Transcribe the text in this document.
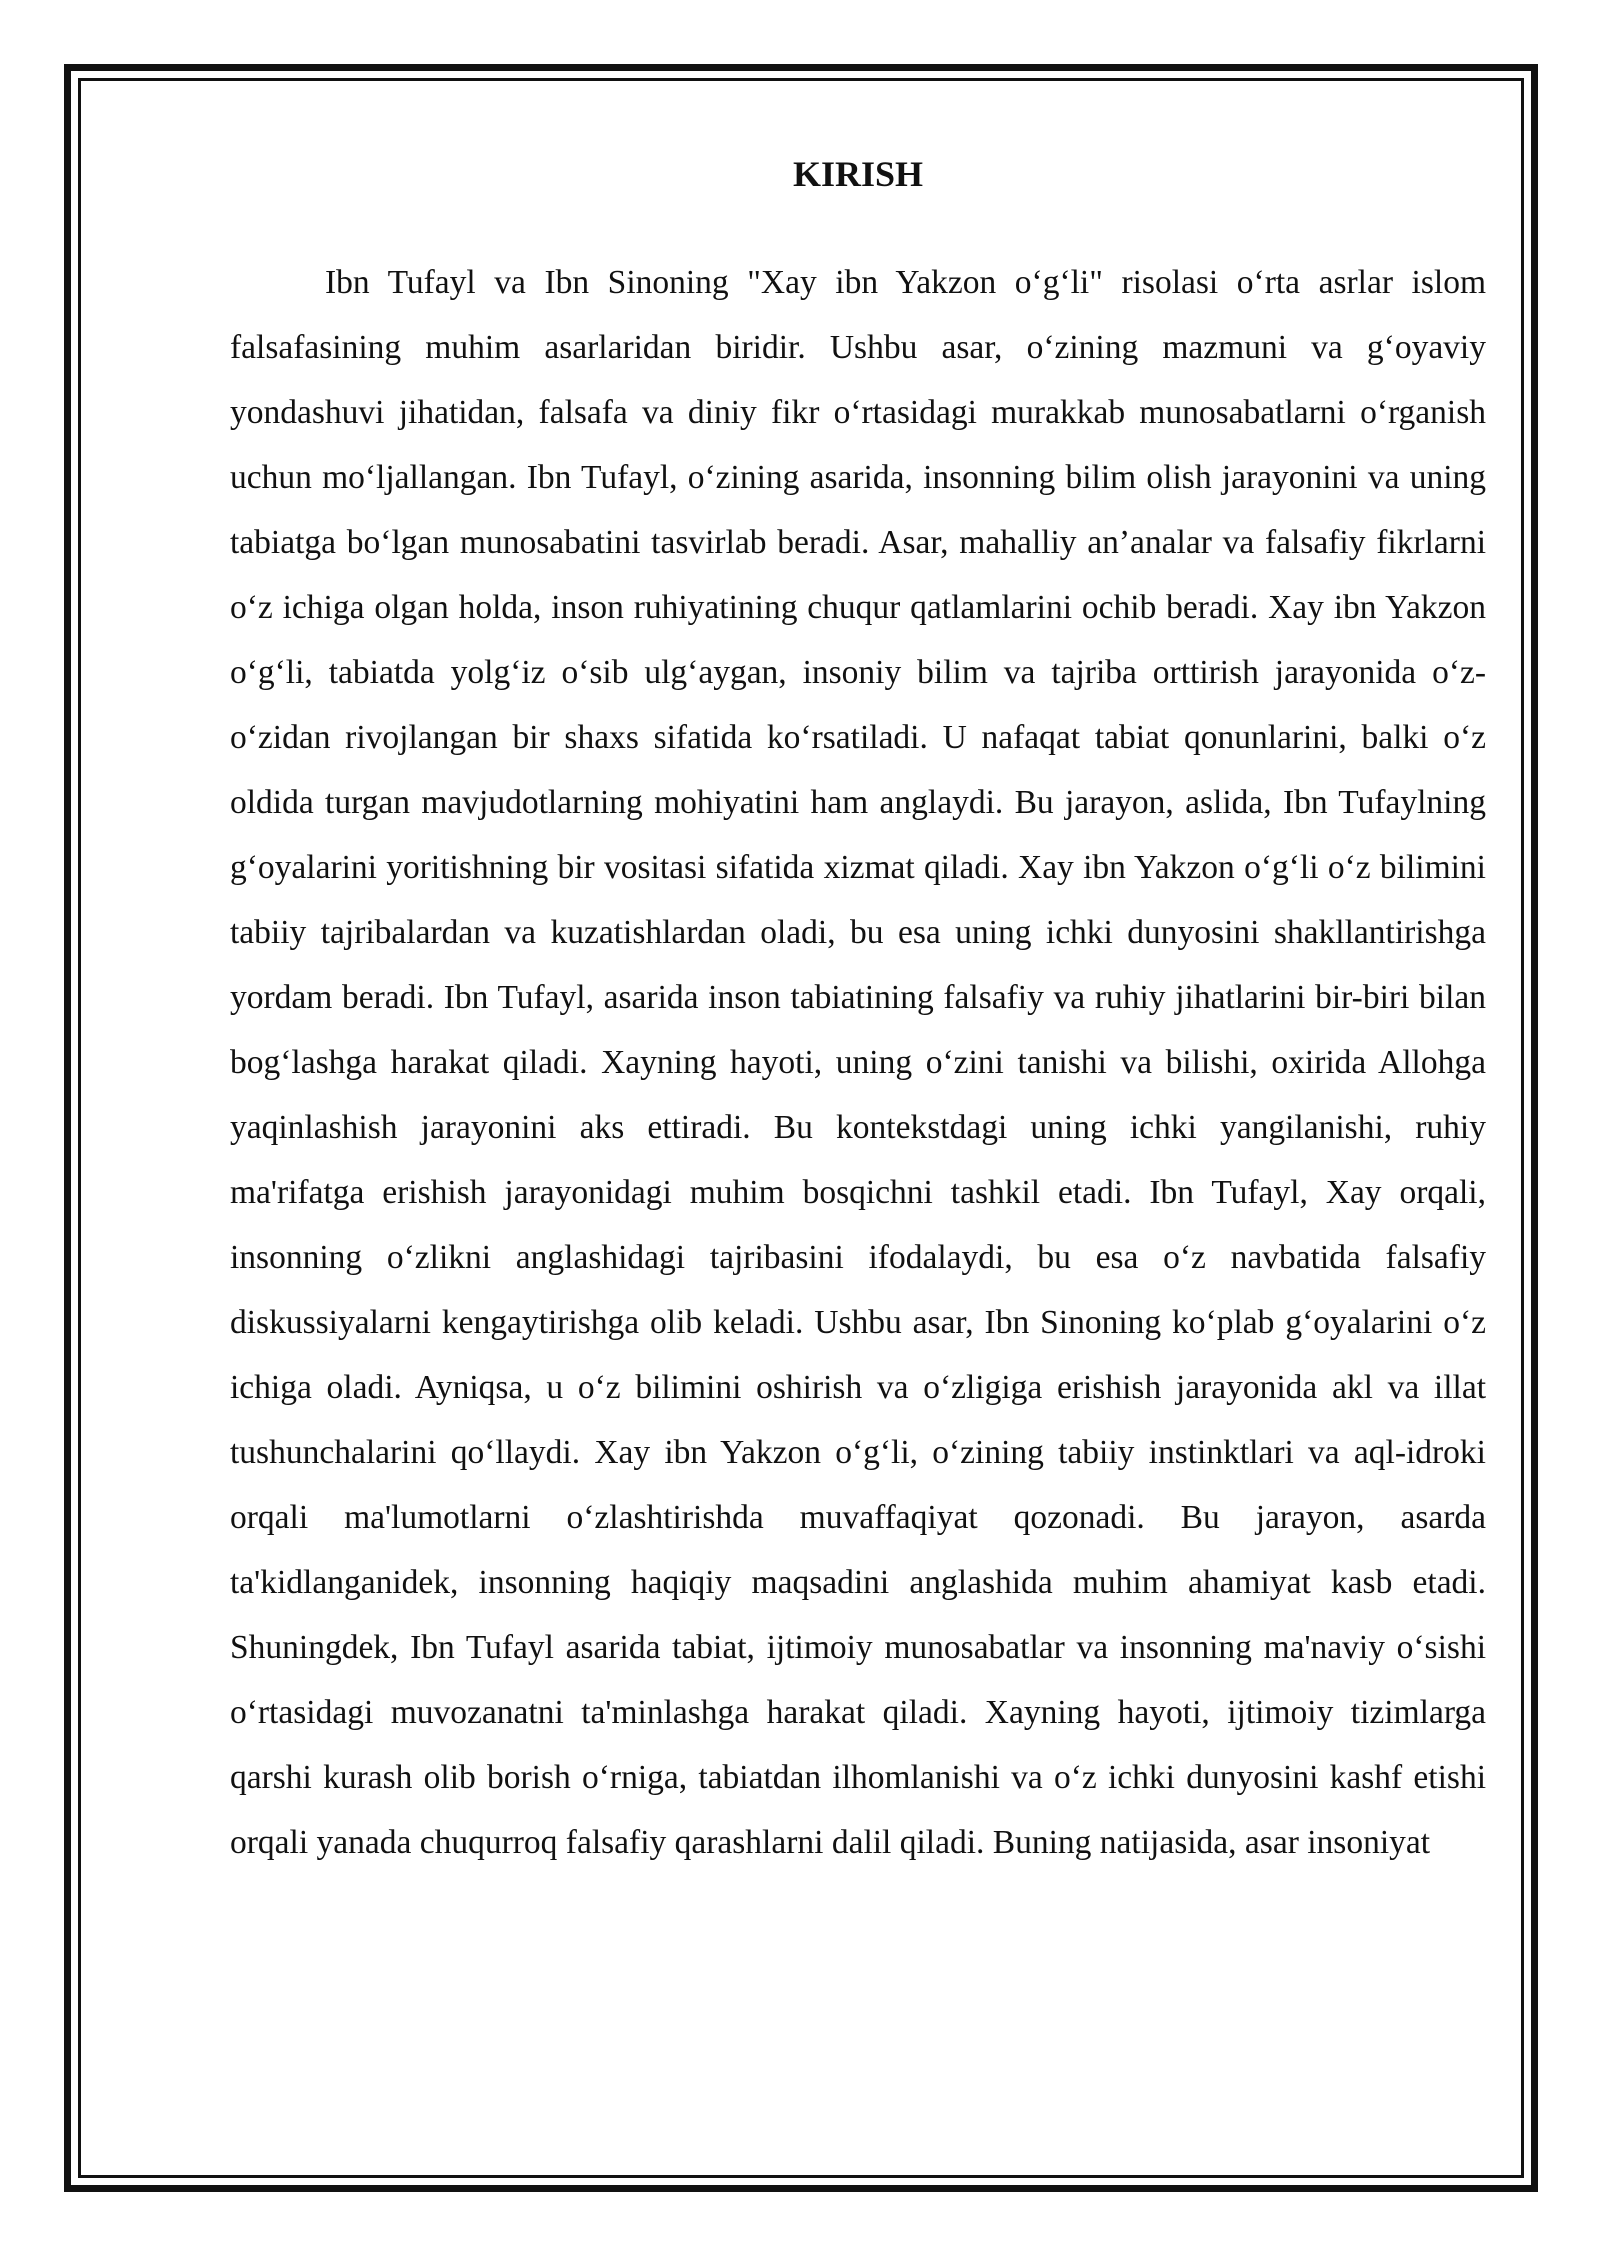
KIRISH

Ibn Tufayl va Ibn Sinoning "Xay ibn Yakzon o‘g‘li" risolasi o‘rta asrlar islom falsafasining muhim asarlaridan biridir. Ushbu asar, o‘zining mazmuni va g‘oyaviy yondashuvi jihatidan, falsafa va diniy fikr o‘rtasidagi murakkab munosabatlarni o‘rganish uchun mo‘ljallangan. Ibn Tufayl, o‘zining asarida, insonning bilim olish jarayonini va uning tabiatga bo‘lgan munosabatini tasvirlab beradi. Asar, mahalliy an’analar va falsafiy fikrlarni o‘z ichiga olgan holda, inson ruhiyatining chuqur qatlamlarini ochib beradi. Xay ibn Yakzon o‘g‘li, tabiatda yolg‘iz o‘sib ulg‘aygan, insoniy bilim va tajriba orttirish jarayonida o‘z-o‘zidan rivojlangan bir shaxs sifatida ko‘rsatiladi. U nafaqat tabiat qonunlarini, balki o‘z oldida turgan mavjudotlarning mohiyatini ham anglaydi. Bu jarayon, aslida, Ibn Tufaylning g‘oyalarini yoritishning bir vositasi sifatida xizmat qiladi. Xay ibn Yakzon o‘g‘li o‘z bilimini tabiiy tajribalardan va kuzatishlardan oladi, bu esa uning ichki dunyosini shakllantirishga yordam beradi. Ibn Tufayl, asarida inson tabiatining falsafiy va ruhiy jihatlarini bir-biri bilan bog‘lashga harakat qiladi. Xayning hayoti, uning o‘zini tanishi va bilishi, oxirida Allohga yaqinlashish jarayonini aks ettiradi. Bu kontekstdagi uning ichki yangilanishi, ruhiy ma'rifatga erishish jarayonidagi muhim bosqichni tashkil etadi. Ibn Tufayl, Xay orqali, insonning o‘zlikni anglashidagi tajribasini ifodalaydi, bu esa o‘z navbatida falsafiy diskussiyalarni kengaytirishga olib keladi. Ushbu asar, Ibn Sinoning ko‘plab g‘oyalarini o‘z ichiga oladi. Ayniqsa, u o‘z bilimini oshirish va o‘zligiga erishish jarayonida akl va illat tushunchalarini qo‘llaydi. Xay ibn Yakzon o‘g‘li, o‘zining tabiiy instinktlari va aql-idroki orqali ma'lumotlarni o‘zlashtirishda muvaffaqiyat qozonadi. Bu jarayon, asarda ta'kidlanganidek, insonning haqiqiy maqsadini anglashida muhim ahamiyat kasb etadi. Shuningdek, Ibn Tufayl asarida tabiat, ijtimoiy munosabatlar va insonning ma'naviy o‘sishi o‘rtasidagi muvozanatni ta'minlashga harakat qiladi. Xayning hayoti, ijtimoiy tizimlarga qarshi kurash olib borish o‘rniga, tabiatdan ilhomlanishi va o‘z ichki dunyosini kashf etishi orqali yanada chuqurroq falsafiy qarashlarni dalil qiladi. Buning natijasida, asar insoniyat
